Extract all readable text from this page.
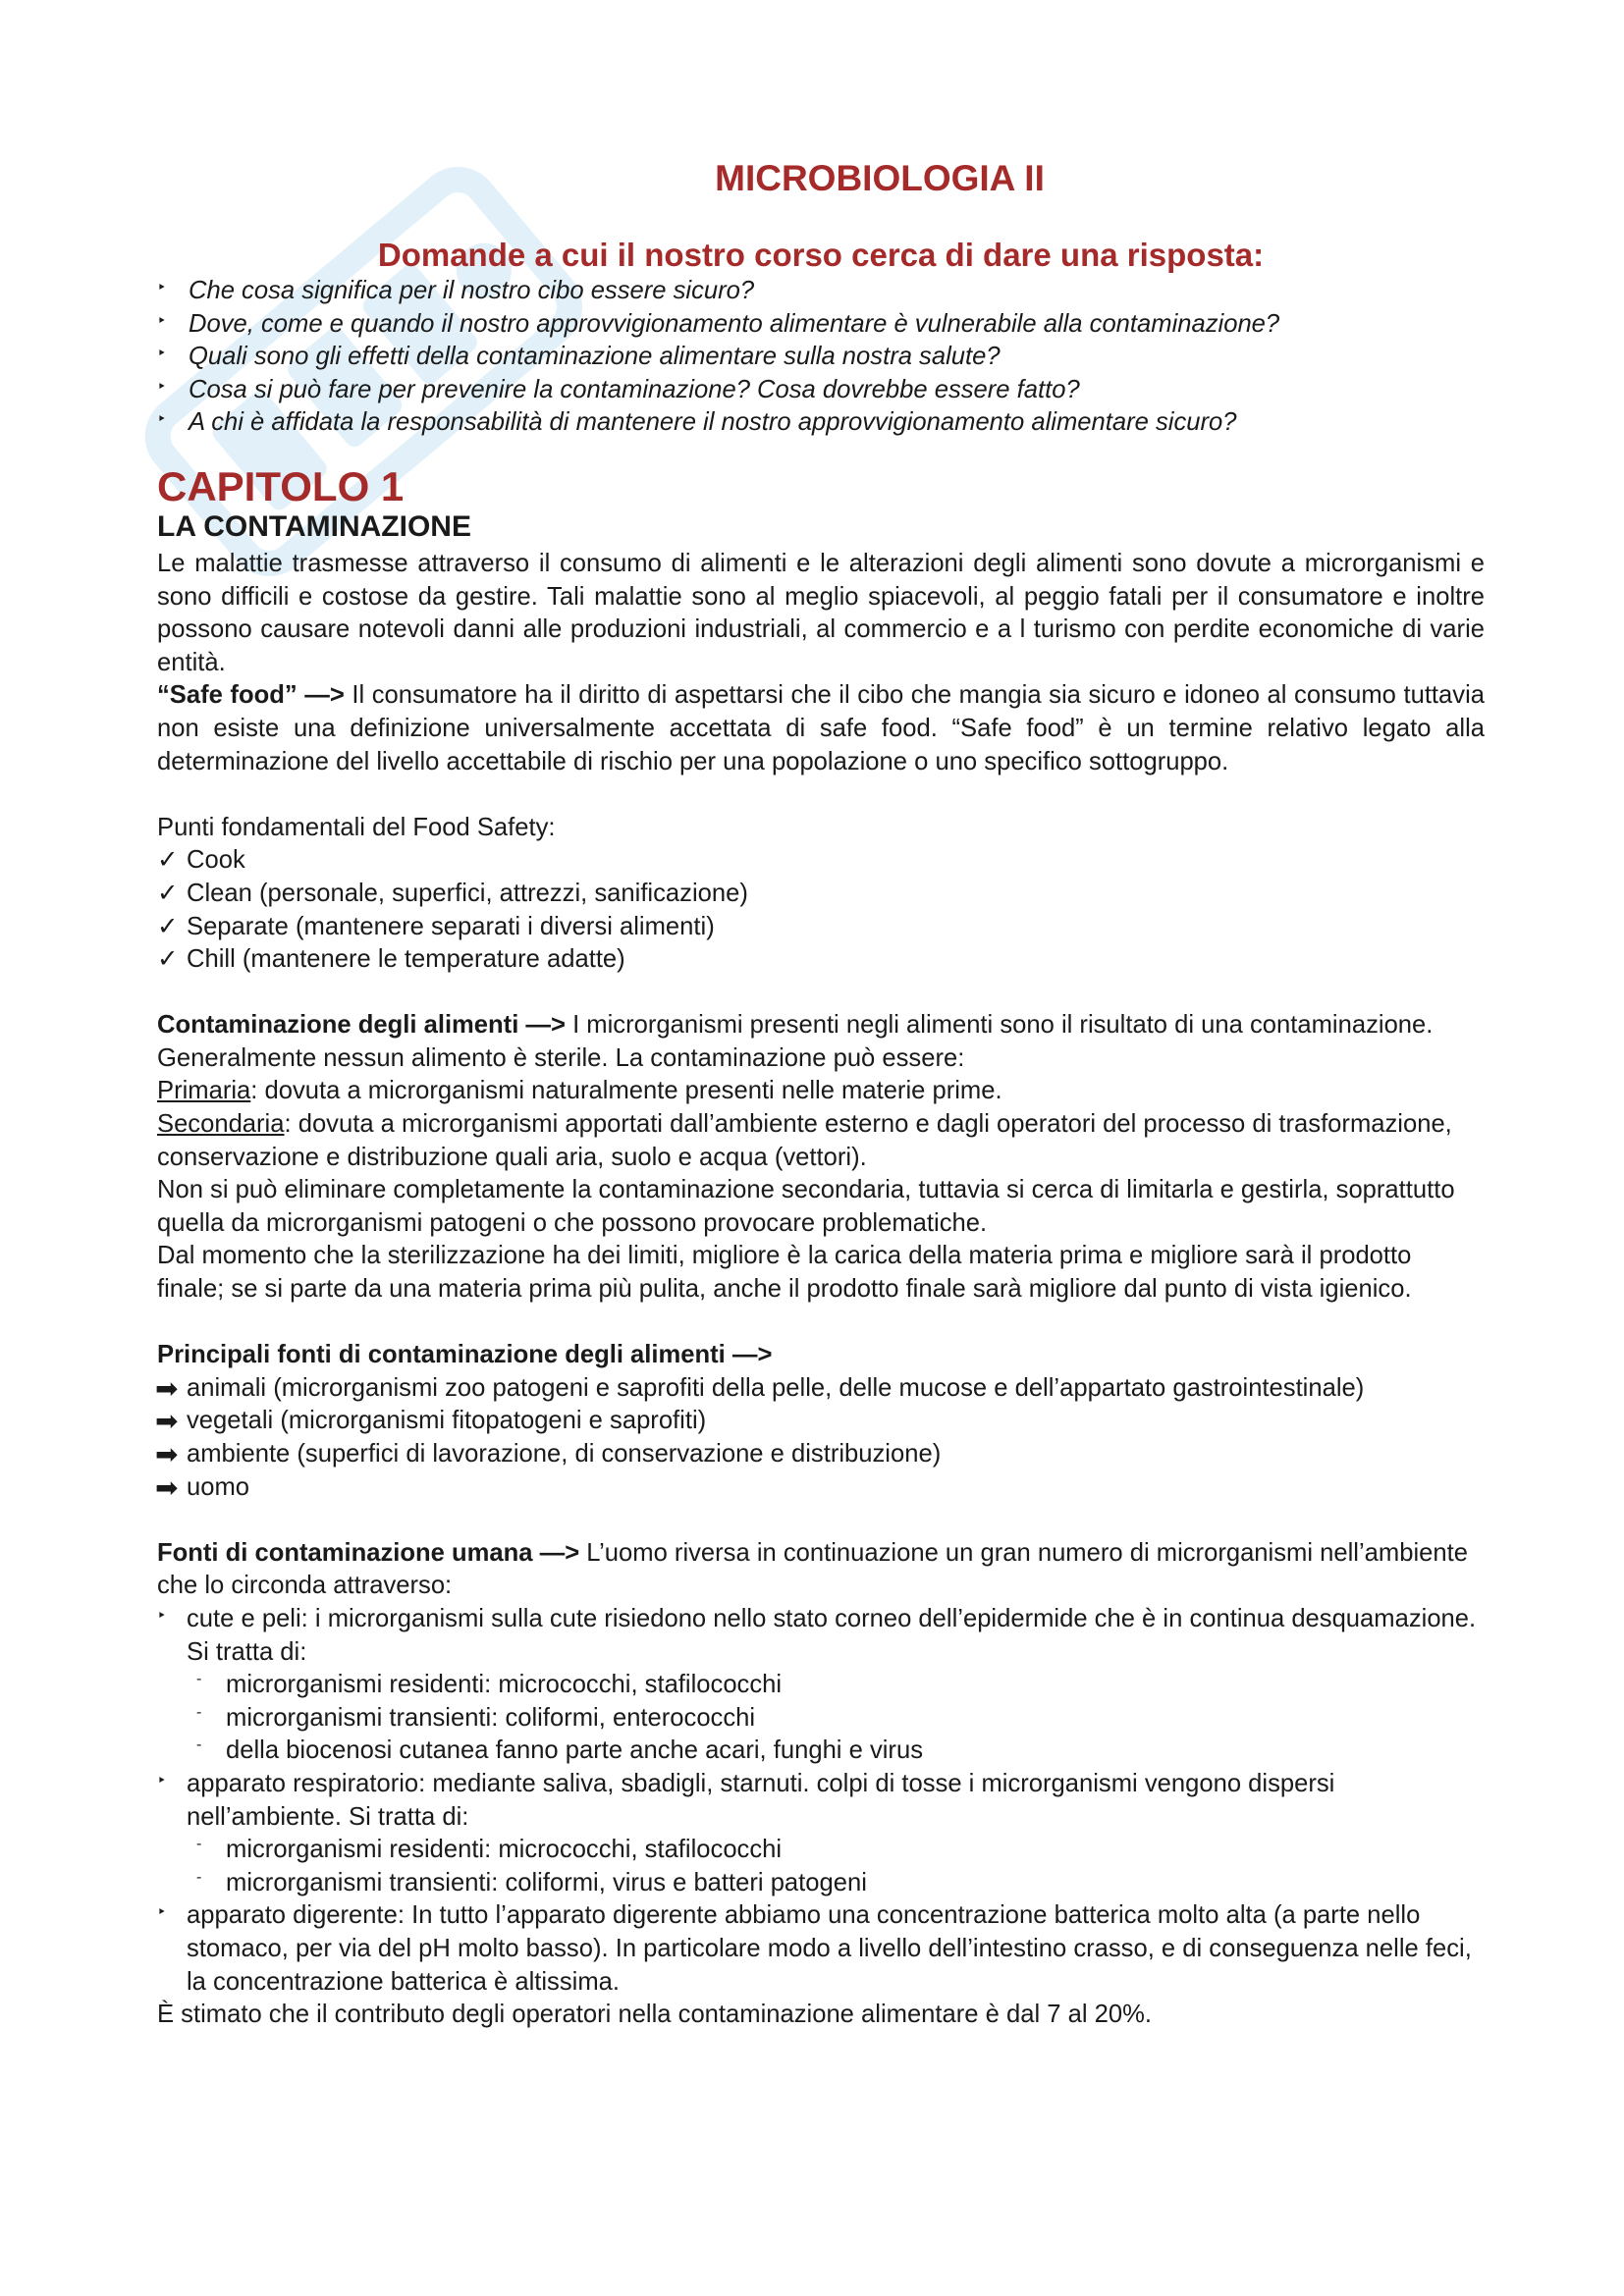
MICROBIOLOGIA II
Domande a cui il nostro corso cerca di dare una risposta:
‣ Che cosa significa per il nostro cibo essere sicuro?
‣ Dove, come e quando il nostro approvvigionamento alimentare è vulnerabile alla contaminazione?
‣ Quali sono gli effetti della contaminazione alimentare sulla nostra salute?
‣ Cosa si può fare per prevenire la contaminazione? Cosa dovrebbe essere fatto?
‣ A chi è affidata la responsabilità di mantenere il nostro approvvigionamento alimentare sicuro?
CAPITOLO 1
LA CONTAMINAZIONE

Le malattie trasmesse attraverso il consumo di alimenti e le alterazioni degli alimenti sono dovute a microrganismi e sono difficili e costose da gestire. Tali malattie sono al meglio spiacevoli, al peggio fatali per il consumatore e inoltre possono causare notevoli danni alle produzioni industriali, al commercio e a l turismo con perdite economiche di varie entità.

“Safe food” —> Il consumatore ha il diritto di aspettarsi che il cibo che mangia sia sicuro e idoneo al consumo tuttavia non esiste una definizione universalmente accettata di safe food. “Safe food” è un termine relativo legato alla determinazione del livello accettabile di rischio per una popolazione o uno specifico sottogruppo.

Punti fondamentali del Food Safety:

✓ Cook
✓ Clean (personale, superfici, attrezzi, sanificazione)
✓ Separate (mantenere separati i diversi alimenti)
✓ Chill (mantenere le temperature adatte)

Contaminazione degli alimenti —> I microrganismi presenti negli alimenti sono il risultato di una contaminazione. Generalmente nessun alimento è sterile. La contaminazione può essere:

Primaria: dovuta a microrganismi naturalmente presenti nelle materie prime.

Secondaria: dovuta a microrganismi apportati dall’ambiente esterno e dagli operatori del processo di trasformazione, conservazione e distribuzione quali aria, suolo e acqua (vettori).

Non si può eliminare completamente la contaminazione secondaria, tuttavia si cerca di limitarla e gestirla, soprattutto quella da microrganismi patogeni o che possono provocare problematiche.

Dal momento che la sterilizzazione ha dei limiti, migliore è la carica della materia prima e migliore sarà il prodotto finale; se si parte da una materia prima più pulita, anche il prodotto finale sarà migliore dal punto di vista igienico.

Principali fonti di contaminazione degli alimenti —>

➡ animali (microrganismi zoo patogeni e saprofiti della pelle, delle mucose e dell’appartato gastrointestinale)
➡ vegetali (microrganismi fitopatogeni e saprofiti)
➡ ambiente (superfici di lavorazione, di conservazione e distribuzione)
➡ uomo

Fonti di contaminazione umana —> L’uomo riversa in continuazione un gran numero di microrganismi nell’ambiente che lo circonda attraverso:

‣ cute e peli: i microrganismi sulla cute risiedono nello stato corneo dell’epidermide che è in continua desquamazione. Si tratta di:
- microrganismi residenti: micrococchi, stafilococchi
- microrganismi transienti: coliformi, enterococchi
- della biocenosi cutanea fanno parte anche acari, funghi e virus
‣ apparato respiratorio: mediante saliva, sbadigli, starnuti. colpi di tosse i microrganismi vengono dispersi nell’ambiente. Si tratta di:
- microrganismi residenti: micrococchi, stafilococchi
- microrganismi transienti: coliformi, virus e batteri patogeni
‣ apparato digerente: In tutto l’apparato digerente abbiamo una concentrazione batterica molto alta (a parte nello stomaco, per via del pH molto basso). In particolare modo a livello dell’intestino crasso, e di conseguenza nelle feci, la concentrazione batterica è altissima.

È stimato che il contributo degli operatori nella contaminazione alimentare è dal 7 al 20%.
